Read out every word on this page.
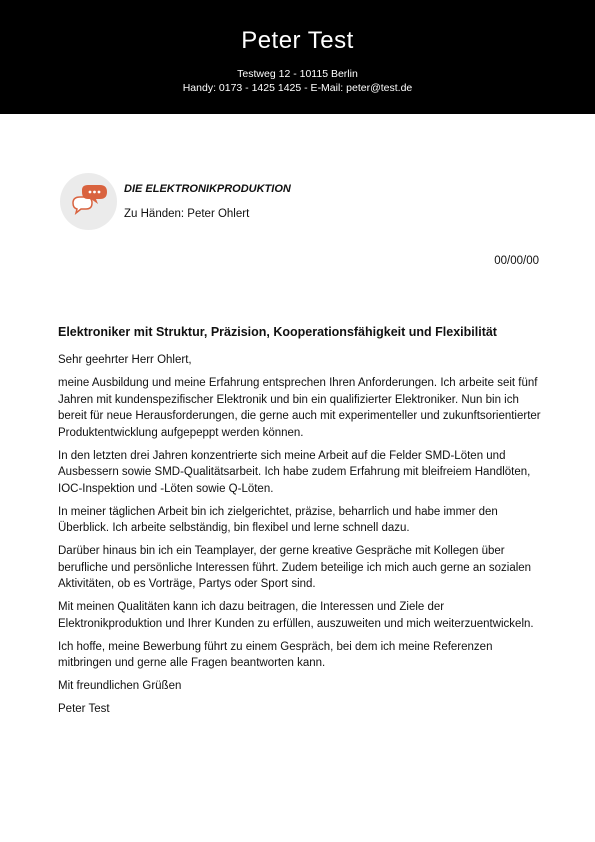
Peter Test
Testweg 12 - 10115 Berlin
Handy: 0173 - 1425 1425 - E-Mail: peter@test.de
DIE ELEKTRONIKPRODUKTION
Zu Händen: Peter Ohlert
00/00/00
Elektroniker mit Struktur, Präzision, Kooperationsfähigkeit und Flexibilität

Sehr geehrter Herr Ohlert,

meine Ausbildung und meine Erfahrung entsprechen Ihren Anforderungen. Ich arbeite seit fünf Jahren mit kundenspezifischer Elektronik und bin ein qualifizierter Elektroniker. Nun bin ich bereit für neue Herausforderungen, die gerne auch mit experimenteller und zukunftsorientierter Produktentwicklung aufgepeppt werden können.

In den letzten drei Jahren konzentrierte sich meine Arbeit auf die Felder SMD-Löten und Ausbessern sowie SMD-Qualitätsarbeit. Ich habe zudem Erfahrung mit bleifreiem Handlöten, IOC-Inspektion und -Löten sowie Q-Löten.

In meiner täglichen Arbeit bin ich zielgerichtet, präzise, beharrlich und habe immer den Überblick. Ich arbeite selbständig, bin flexibel und lerne schnell dazu.

Darüber hinaus bin ich ein Teamplayer, der gerne kreative Gespräche mit Kollegen über berufliche und persönliche Interessen führt. Zudem beteilige ich mich auch gerne an sozialen Aktivitäten, ob es Vorträge, Partys oder Sport sind.

Mit meinen Qualitäten kann ich dazu beitragen, die Interessen und Ziele der Elektronikproduktion und Ihrer Kunden zu erfüllen, auszuweiten und mich weiterzuentwickeln.

Ich hoffe, meine Bewerbung führt zu einem Gespräch, bei dem ich meine Referenzen mitbringen und gerne alle Fragen beantworten kann.

Mit freundlichen Grüßen

Peter Test
